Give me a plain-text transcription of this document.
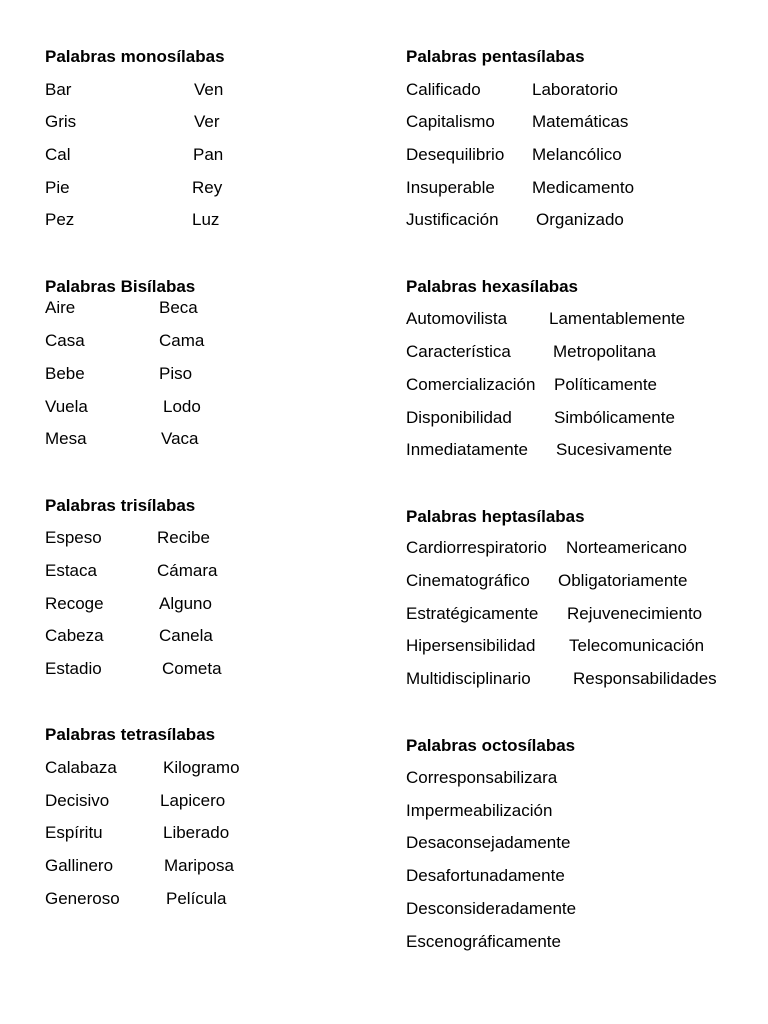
Palabras monosílabas
Bar	Ven
Gris	Ver
Cal	Pan
Pie	Rey
Pez	Luz
Palabras Bisílabas
Aire	Beca
Casa	Cama
Bebe	Piso
Vuela	Lodo
Mesa	Vaca
Palabras trisílabas
Espeso	Recibe
Estaca	Cámara
Recoge	Alguno
Cabeza	Canela
Estadio	Cometa
Palabras tetrasílabas
Calabaza	Kilogramo
Decisivo	Lapicero
Espíritu	Liberado
Gallinero	Mariposa
Generoso	Película
Palabras pentasílabas
Calificado	Laboratorio
Capitalismo Matemáticas
Desequilibrio Melancólico
Insuperable Medicamento
Justificación Organizado
Palabras hexasílabas
Automovilista Lamentablemente
Característica Metropolitana
Comercialización Políticamente
Disponibilidad Simbólicamente
Inmediatamente Sucesivamente
Palabras heptasílabas
Cardiorrespiratorio Norteamericano
Cinematográfico Obligatoriamente
Estratégicamente Rejuvenecimiento
Hipersensibilidad Telecomunicación
Multidisciplinario Responsabilidades
Palabras octosílabas
Corresponsabilizara
Impermeabilización
Desaconsejadamente
Desafortunadamente
Desconsideradamente
Escenográficamente
